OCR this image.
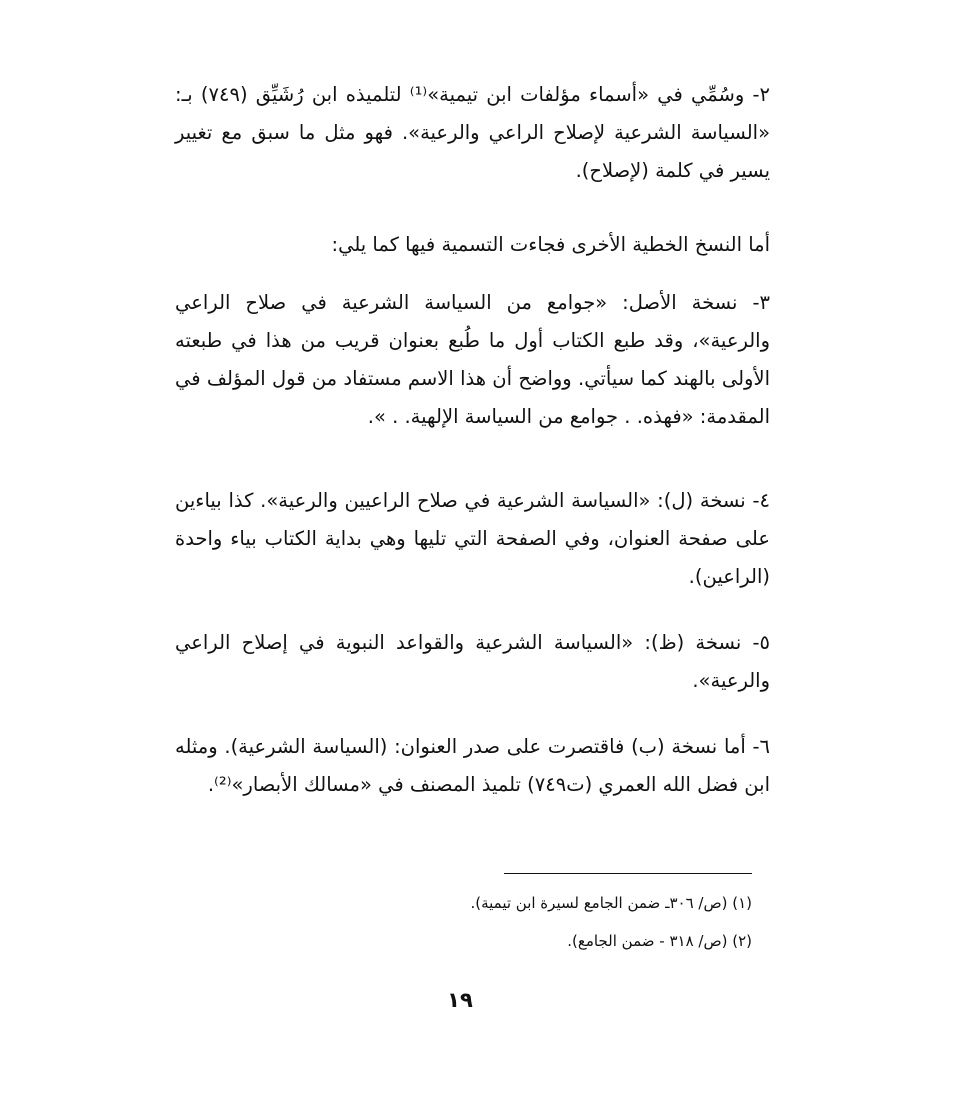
٢- وسُمِّي في «أسماء مؤلفات ابن تيمية»⁽¹⁾ لتلميذه ابن رُشَيِّق (٧٤٩) بـ: «السياسة الشرعية لإصلاح الراعي والرعية». فهو مثل ما سبق مع تغيير يسير في كلمة (لإصلاح).

أما النسخ الخطية الأخرى فجاءت التسمية فيها كما يلي:

٣- نسخة الأصل: «جوامع من السياسة الشرعية في صلاح الراعي والرعية»، وقد طبع الكتاب أول ما طُبع بعنوان قريب من هذا في طبعته الأولى بالهند كما سيأتي. وواضح أن هذا الاسم مستفاد من قول المؤلف في المقدمة: «فهذه. . جوامع من السياسة الإلهية. . ».

٤- نسخة (ل): «السياسة الشرعية في صلاح الراعيين والرعية». كذا بياءين على صفحة العنوان، وفي الصفحة التي تليها وهي بداية الكتاب بياء واحدة (الراعين).

٥- نسخة (ظ): «السياسة الشرعية والقواعد النبوية في إصلاح الراعي والرعية».

٦- أما نسخة (ب) فاقتصرت على صدر العنوان: (السياسة الشرعية). ومثله ابن فضل الله العمري (ت٧٤٩) تلميذ المصنف في «مسالك الأبصار»⁽²⁾.

(١) (ص/ ٣٠٦ـ ضمن الجامع لسيرة ابن تيمية).

(٢) (ص/ ٣١٨ - ضمن الجامع).

١٩
